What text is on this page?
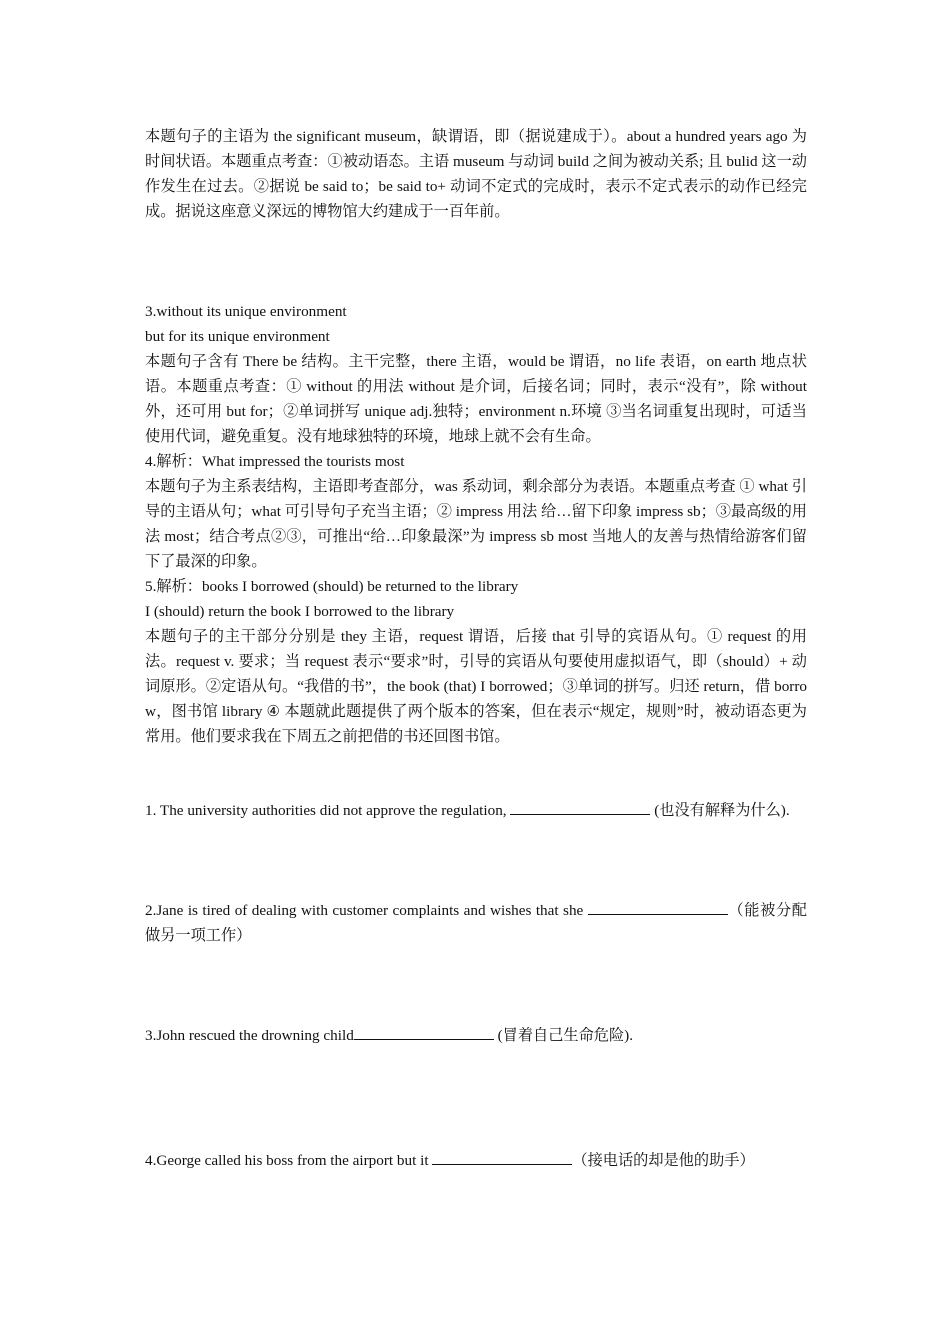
本题句子的主语为 the significant museum，缺谓语，即（据说建成于）。about a hundred years ago 为时间状语。本题重点考查：①被动语态。主语 museum 与动词 build 之间为被动关系; 且 bulid 这一动作发生在过去。②据说 be said to；be said to+ 动词不定式的完成时，表示不定式表示的动作已经完成。据说这座意义深远的博物馆大约建成于一百年前。

3.without its unique environment

but for its unique environment

本题句子含有 There be 结构。主干完整，there 主语，would be 谓语，no life 表语，on earth 地点状语。本题重点考查：① without 的用法 without 是介词，后接名词；同时，表示“没有”，除 without 外，还可用 but for；②单词拼写 unique adj.独特；environment n.环境 ③当名词重复出现时，可适当使用代词，避免重复。没有地球独特的环境，地球上就不会有生命。

4.解析：What impressed the tourists most

本题句子为主系表结构，主语即考查部分，was 系动词，剩余部分为表语。本题重点考查 ① what 引导的主语从句；what 可引导句子充当主语；② impress 用法 给…留下印象 impress sb；③最高级的用法 most；结合考点②③，可推出“给…印象最深”为 impress sb most 当地人的友善与热情给游客们留下了最深的印象。

5.解析：books I borrowed (should) be returned to the library

I (should) return the book I borrowed to the library

本题句子的主干部分分别是 they 主语，request 谓语，后接 that 引导的宾语从句。① request 的用法。request v. 要求；当 request 表示“要求”时，引导的宾语从句要使用虚拟语气，即（should）+ 动词原形。②定语从句。“我借的书”，the book (that) I borrowed；③单词的拼写。归还 return，借 borrow，图书馆 library ④ 本题就此题提供了两个版本的答案，但在表示“规定，规则”时，被动语态更为常用。他们要求我在下周五之前把借的书还回图书馆。

1. The university authorities did not approve the regulation,	(也没有解释为什么).

2.Jane is tired of dealing with customer complaints and wishes that she	（能被分配做另一项工作）

3.John rescued the drowning child	(冒着自己生命危险).

4.George called his boss from the airport but it	（接电话的却是他的助手）
